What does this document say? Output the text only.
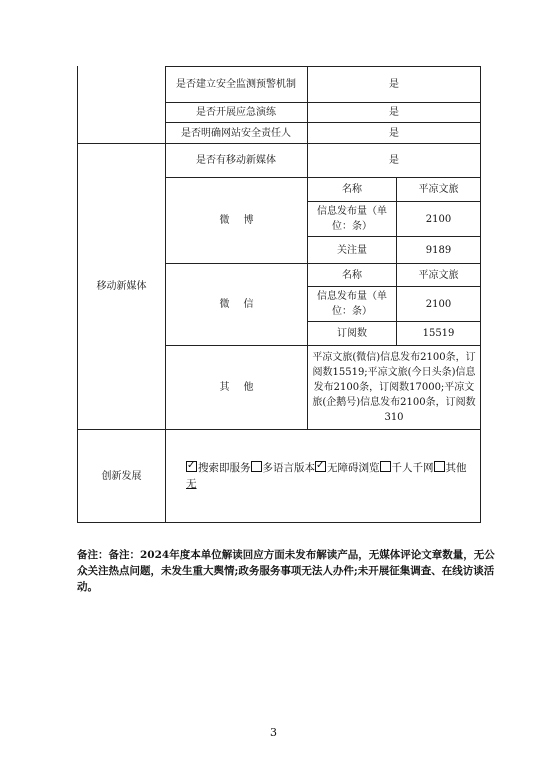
是否建立安全监测预警机制	是
是否开展应急演练	是
是否明确网站安全责任人	是
移动新媒体
是否有移动新媒体	是
微博
名称	平凉文旅
信息发布量（单位：条）
2100
关注量	9189
微信
名称	平凉文旅
信息发布量（单位：条）
2100
订阅数	15519
其他
平凉文旅(微信)信息发布2100条，订阅数15519;平凉文旅(今日头条)信息发布2100条，订阅数17000;平凉文旅(企鹅号)信息发布2100条，订阅数310
创新发展
✓搜索即服务 多语言版本✓ 无障碍浏览 千人千网 其他
无
备注：备注：2024年度本单位解读回应方面未发布解读产品，无媒体评论文章数量，无公众关注热点问题，未发生重大舆情;政务服务事项无法人办件;未开展征集调查、在线访谈活动。
3
